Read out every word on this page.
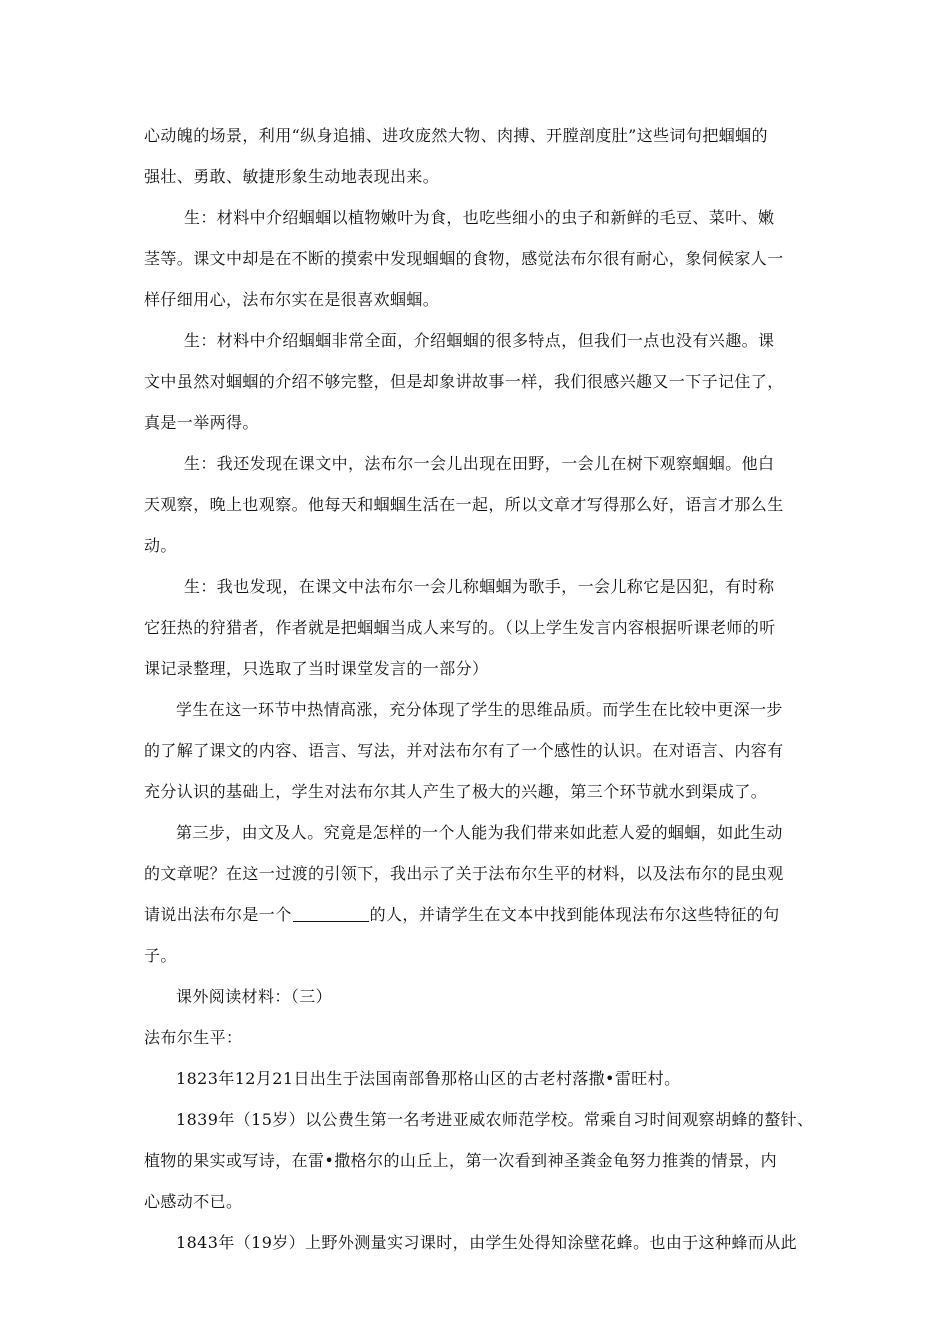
心动魄的场景，利用“纵身追捕、进攻庞然大物、肉搏、开膛剖度肚”这些词句把蝈蝈的
强壮、勇敢、敏捷形象生动地表现出来。
生：材料中介绍蝈蝈以植物嫩叶为食，也吃些细小的虫子和新鲜的毛豆、菜叶、嫩
茎等。课文中却是在不断的摸索中发现蝈蝈的食物，感觉法布尔很有耐心，象伺候家人一
样仔细用心，法布尔实在是很喜欢蝈蝈。
生：材料中介绍蝈蝈非常全面，介绍蝈蝈的很多特点，但我们一点也没有兴趣。课
文中虽然对蝈蝈的介绍不够完整，但是却象讲故事一样，我们很感兴趣又一下子记住了，
真是一举两得。
生：我还发现在课文中，法布尔一会儿出现在田野，一会儿在树下观察蝈蝈。他白
天观察，晚上也观察。他每天和蝈蝈生活在一起，所以文章才写得那么好，语言才那么生
动。
生：我也发现，在课文中法布尔一会儿称蝈蝈为歌手，一会儿称它是囚犯，有时称
它狂热的狩猎者，作者就是把蝈蝈当成人来写的。（以上学生发言内容根据听课老师的听
课记录整理，只选取了当时课堂发言的一部分）
学生在这一环节中热情高涨，充分体现了学生的思维品质。而学生在比较中更深一步
的了解了课文的内容、语言、写法，并对法布尔有了一个感性的认识。在对语言、内容有
充分认识的基础上，学生对法布尔其人产生了极大的兴趣，第三个环节就水到渠成了。
第三步，由文及人。究竟是怎样的一个人能为我们带来如此惹人爱的蝈蝈，如此生动
的文章呢？在这一过渡的引领下，我出示了关于法布尔生平的材料，以及法布尔的昆虫观
请说出法布尔是一个	的人，并请学生在文本中找到能体现法布尔这些特征的句
子。
课外阅读材料：（三）
法布尔生平：
1823年12月21日出生于法国南部鲁那格山区的古老村落撒•雷旺村。
1839年（15岁）以公费生第一名考进亚威农师范学校。常乘自习时间观察胡蜂的螯针、
植物的果实或写诗，在雷•撒格尔的山丘上，第一次看到神圣粪金龟努力推粪的情景，内
心感动不已。
1843年（19岁）上野外测量实习课时，由学生处得知涂壁花蜂。也由于这种蜂而从此
